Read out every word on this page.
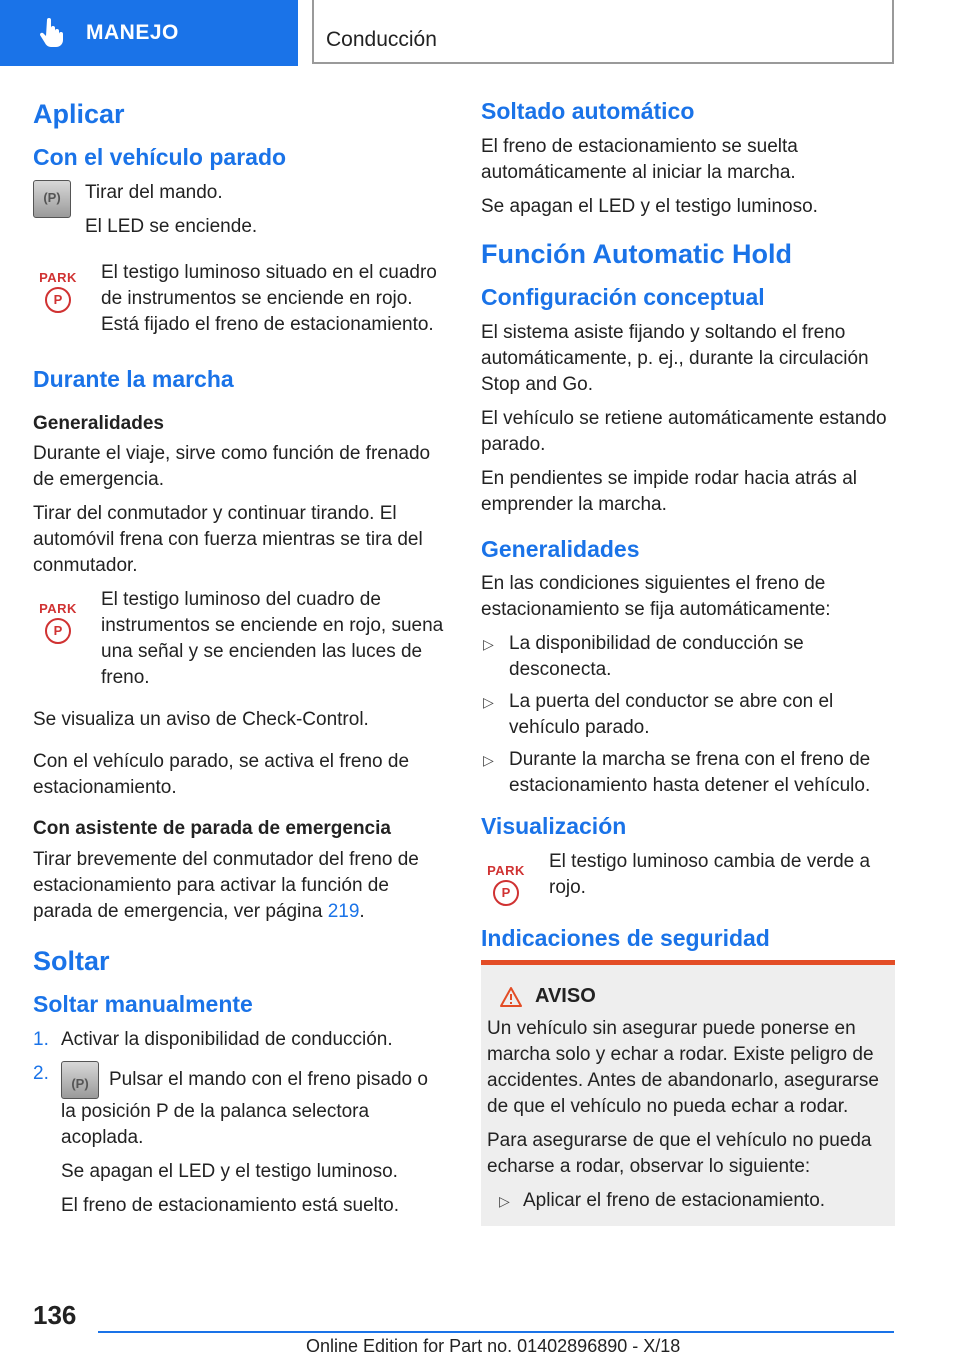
MANEJO	Conducción
Aplicar
Con el vehículo parado
(P)

Tirar del mando.

El LED se enciende.

PARK
P

El testigo luminoso situado en el cuadro de instrumentos se enciende en rojo. Está fijado el freno de estacionamiento.

Durante la marcha
Generalidades

Durante el viaje, sirve como función de frenado de emergencia.

Tirar del conmutador y continuar tirando. El automóvil frena con fuerza mientras se tira del conmutador.

PARK
P

El testigo luminoso del cuadro de instrumentos se enciende en rojo, suena una señal y se encienden las luces de freno.

Se visualiza un aviso de Check-Control.

Con el vehículo parado, se activa el freno de estacionamiento.

Con asistente de parada de emergencia

Tirar brevemente del conmutador del freno de estacionamiento para activar la función de parada de emergencia, ver página 219.

Soltar
Soltar manualmente
1. Activar la disponibilidad de conducción.
2.
(P)	Pulsar el mando con el freno pisado o la posición P de la palanca selectora acoplada.

Se apagan el LED y el testigo luminoso.

El freno de estacionamiento está suelto.

Soltado automático

El freno de estacionamiento se suelta automáticamente al iniciar la marcha.

Se apagan el LED y el testigo luminoso.

Función Automatic Hold
Configuración conceptual

El sistema asiste fijando y soltando el freno automáticamente, p. ej., durante la circulación Stop and Go.

El vehículo se retiene automáticamente estando parado.

En pendientes se impide rodar hacia atrás al emprender la marcha.

Generalidades

En las condiciones siguientes el freno de estacionamiento se fija automáticamente:

▷ La disponibilidad de conducción se desconecta.
▷ La puerta del conductor se abre con el vehículo parado.
▷ Durante la marcha se frena con el freno de estacionamiento hasta detener el vehículo.
Visualización
PARK
P

El testigo luminoso cambia de verde a rojo.

Indicaciones de seguridad
AVISO

Un vehículo sin asegurar puede ponerse en marcha solo y echar a rodar. Existe peligro de accidentes. Antes de abandonarlo, asegurarse de que el vehículo no pueda echar a rodar.

Para asegurarse de que el vehículo no pueda echarse a rodar, observar lo siguiente:

▷ Aplicar el freno de estacionamiento.
136
Online Edition for Part no. 01402896890 - X/18
